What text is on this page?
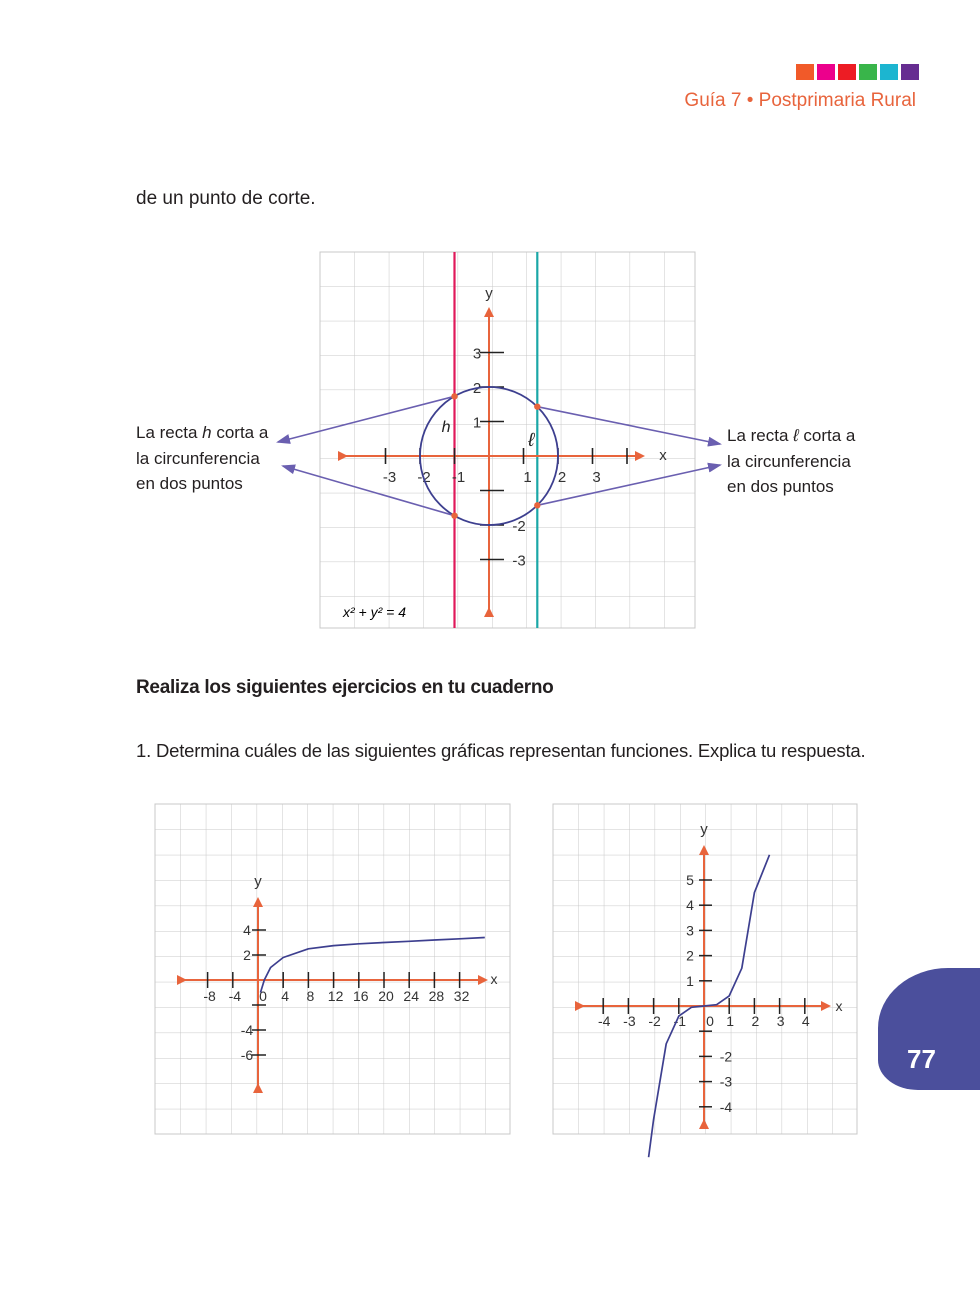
Guía 7 • Postprimaria Rural
de un punto de corte.
-3 -2 -1	1 2 3
3
2
1
-2
-3
x
y
h
ℓ
x² + y² = 4
La recta h corta a
la circunferencia
en dos puntos
La recta ℓ corta a
la circunferencia
en dos puntos
Realiza los siguientes ejercicios en tu cuaderno
1. Determina cuáles de las siguientes gráficas representan funciones. Explica tu respuesta.
-8 -4 0 4 8 12 16 20 24 28 32
4
2
-4
-6
x
y
-4 -3 -2 -1 0 1 2 3 4
5
4
3
2
1
-2
-3
-4
x
y
77
